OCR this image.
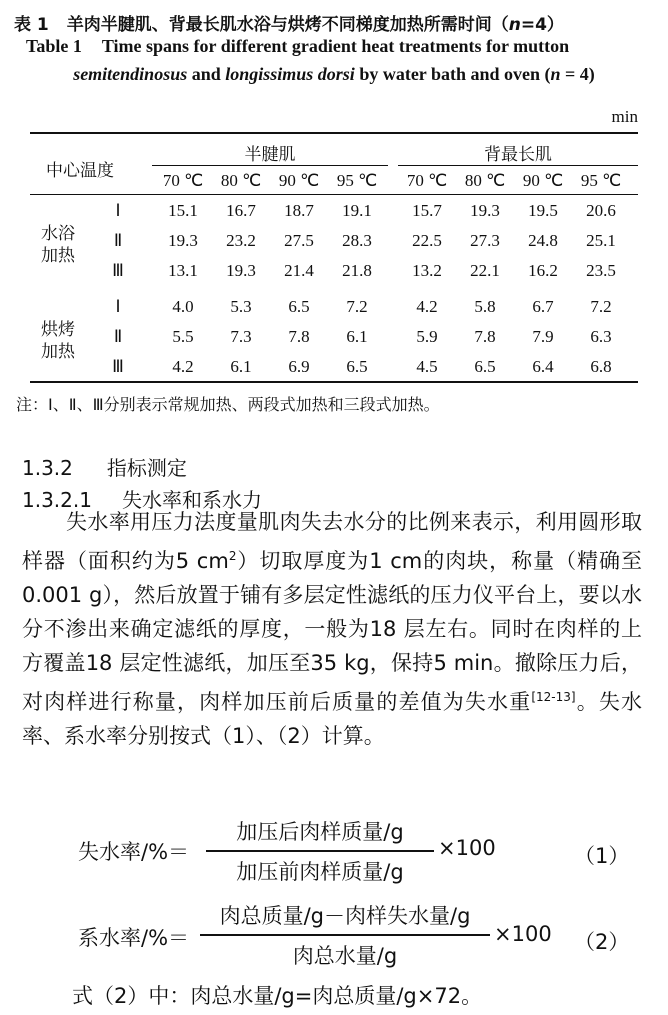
表 1 羊肉半腱肌、背最长肌水浴与烘烤不同梯度加热所需时间（n=4）
Table 1 Time spans for different gradient heat treatments for mutton
semitendinosus and longissimus dorsi by water bath and oven (n = 4)
min
中心温度
半腱肌	背最长肌
70 ℃	80 ℃	90 ℃	95 ℃	70 ℃	80 ℃	90 ℃	95 ℃
水浴
加热
Ⅰ	15.1	16.7	18.7	19.1	15.7	19.3	19.5	20.6
Ⅱ	19.3	23.2	27.5	28.3	22.5	27.3	24.8	25.1
Ⅲ	13.1	19.3	21.4	21.8	13.2	22.1	16.2	23.5
烘烤
加热
Ⅰ	4.0	5.3	6.5	7.2	4.2	5.8	6.7	7.2
Ⅱ	5.5	7.3	7.8	6.1	5.9	7.8	7.9	6.3
Ⅲ	4.2	6.1	6.9	6.5	4.5	6.5	6.4	6.8
注：Ⅰ、Ⅱ、Ⅲ分别表示常规加热、两段式加热和三段式加热。
1.3.2 指标测定
1.3.2.1 失水率和系水力
失水率用压力法度量肌肉失去水分的比例来表示，利用圆形取样器（面积约为5 $cm^2$）切取厚度为1 cm的肉块，称量（精确至0.001 g），然后放置于铺有多层定性滤纸的压力仪平台上，要以水分不渗出来确定滤纸的厚度，一般为18 层左右。同时在肉样的上方覆盖18 层定性滤纸，加压至35 kg，保持5 min。撤除压力后，对肉样进行称量，肉样加压前后质量的差值为失水重[12-13]。失水率、系水率分别按式（1）、（2）计算。
失水率/%＝
加压后肉样质量/g
加压前肉样质量/g
×100	（1）
系水率/%＝
肉总质量/g－肉样失水量/g
肉总水量/g
×100 （2）
式（2）中：肉总水量/g=肉总质量/g×72。
